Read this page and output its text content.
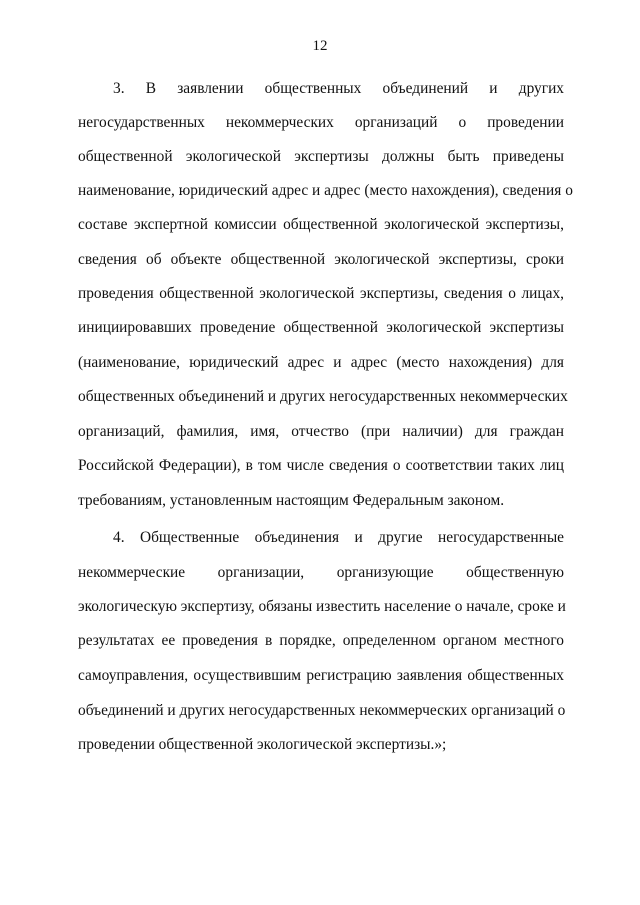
12
3. В заявлении общественных объединений и других
негосударственных некоммерческих организаций о проведении
общественной экологической экспертизы должны быть приведены
наименование, юридический адрес и адрес (место нахождения), сведения о
составе экспертной комиссии общественной экологической экспертизы,
сведения об объекте общественной экологической экспертизы, сроки
проведения общественной экологической экспертизы, сведения о лицах,
инициировавших проведение общественной экологической экспертизы
(наименование, юридический адрес и адрес (место нахождения) для
общественных объединений и других негосударственных некоммерческих
организаций, фамилия, имя, отчество (при наличии) для граждан
Российской Федерации), в том числе сведения о соответствии таких лиц
требованиям, установленным настоящим Федеральным законом.
4. Общественные объединения и другие негосударственные
некоммерческие организации, организующие общественную
экологическую экспертизу, обязаны известить население о начале, сроке и
результатах ее проведения в порядке, определенном органом местного
самоуправления, осуществившим регистрацию заявления общественных
объединений и других негосударственных некоммерческих организаций о
проведении общественной экологической экспертизы.»;
